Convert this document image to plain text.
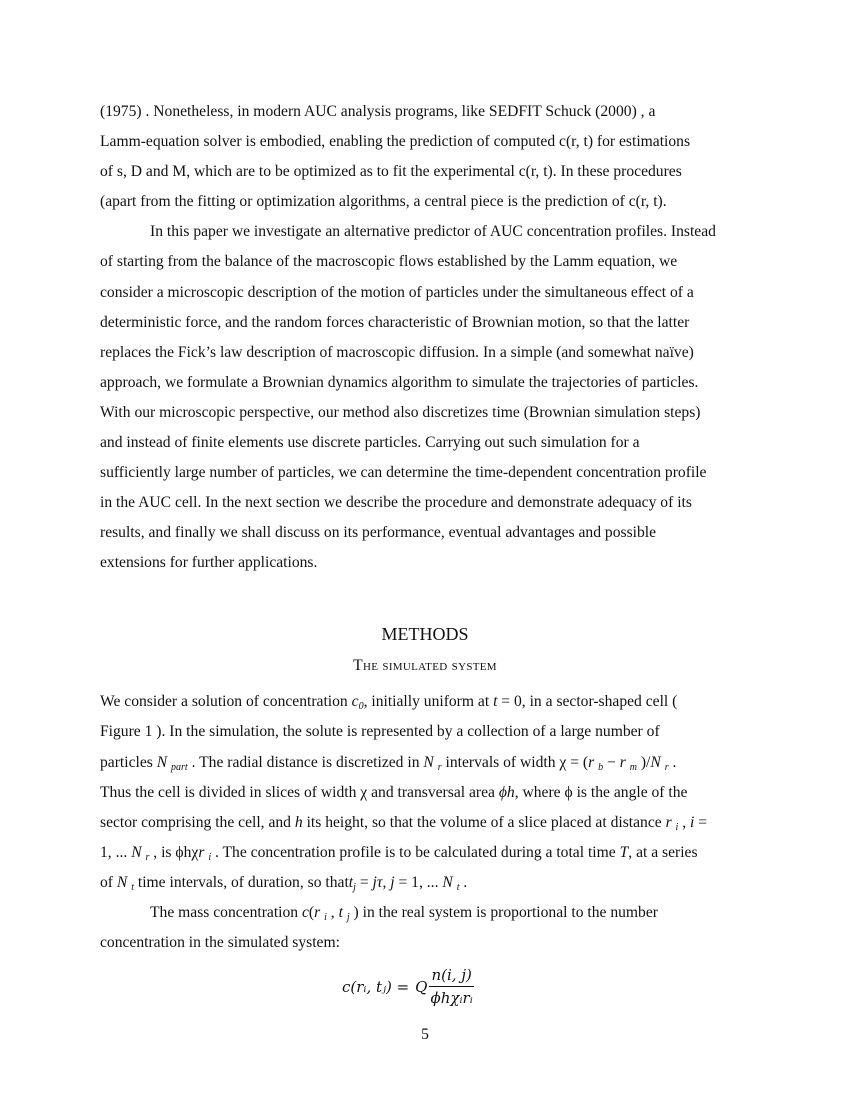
(1975) . Nonetheless, in modern AUC analysis programs, like SEDFIT Schuck (2000) , a
Lamm-equation solver is embodied, enabling the prediction of computed c(r, t) for estimations
of s, D and M, which are to be optimized as to fit the experimental c(r, t). In these procedures
(apart from the fitting or optimization algorithms, a central piece is the prediction of c(r, t).
In this paper we investigate an alternative predictor of AUC concentration profiles. Instead
of starting from the balance of the macroscopic flows established by the Lamm equation, we
consider a microscopic description of the motion of particles under the simultaneous effect of a
deterministic force, and the random forces characteristic of Brownian motion, so that the latter
replaces the Fick’s law description of macroscopic diffusion. In a simple (and somewhat naïve)
approach, we formulate a Brownian dynamics algorithm to simulate the trajectories of particles.
With our microscopic perspective, our method also discretizes time (Brownian simulation steps)
and instead of finite elements use discrete particles. Carrying out such simulation for a
sufficiently large number of particles, we can determine the time-dependent concentration profile
in the AUC cell. In the next section we describe the procedure and demonstrate adequacy of its
results, and finally we shall discuss on its performance, eventual advantages and possible
extensions for further applications.
METHODS
The simulated system
We consider a solution of concentration $c_0$, initially uniform at t = 0, in a sector-shaped cell (
Figure 1 ). In the simulation, the solute is represented by a collection of a large number of
particles N $_{part}$ . The radial distance is discretized in N $_r$ intervals of width χ = (r $_b$ − r $_m$ )/N $_r$ .
Thus the cell is divided in slices of width χ and transversal area ϕh, where ϕ is the angle of the
sector comprising the cell, and h its height, so that the volume of a slice placed at distance r $_i$ , i =
1, ... N $_r$ , is ϕhχr $_i$ . The concentration profile is to be calculated during a total time T, at a series
of N $_t$ time intervals, of duration, so thatt$_j$ = jτ, j = 1, ... N $_t$ .
The mass concentration c(r $_i$ , t $_j$ ) in the real system is proportional to the number
concentration in the simulated system:
c(rᵢ, tⱼ) = Q $\frac{n(i, j)}{\text{ϕhχᵢrᵢ}}$
5
